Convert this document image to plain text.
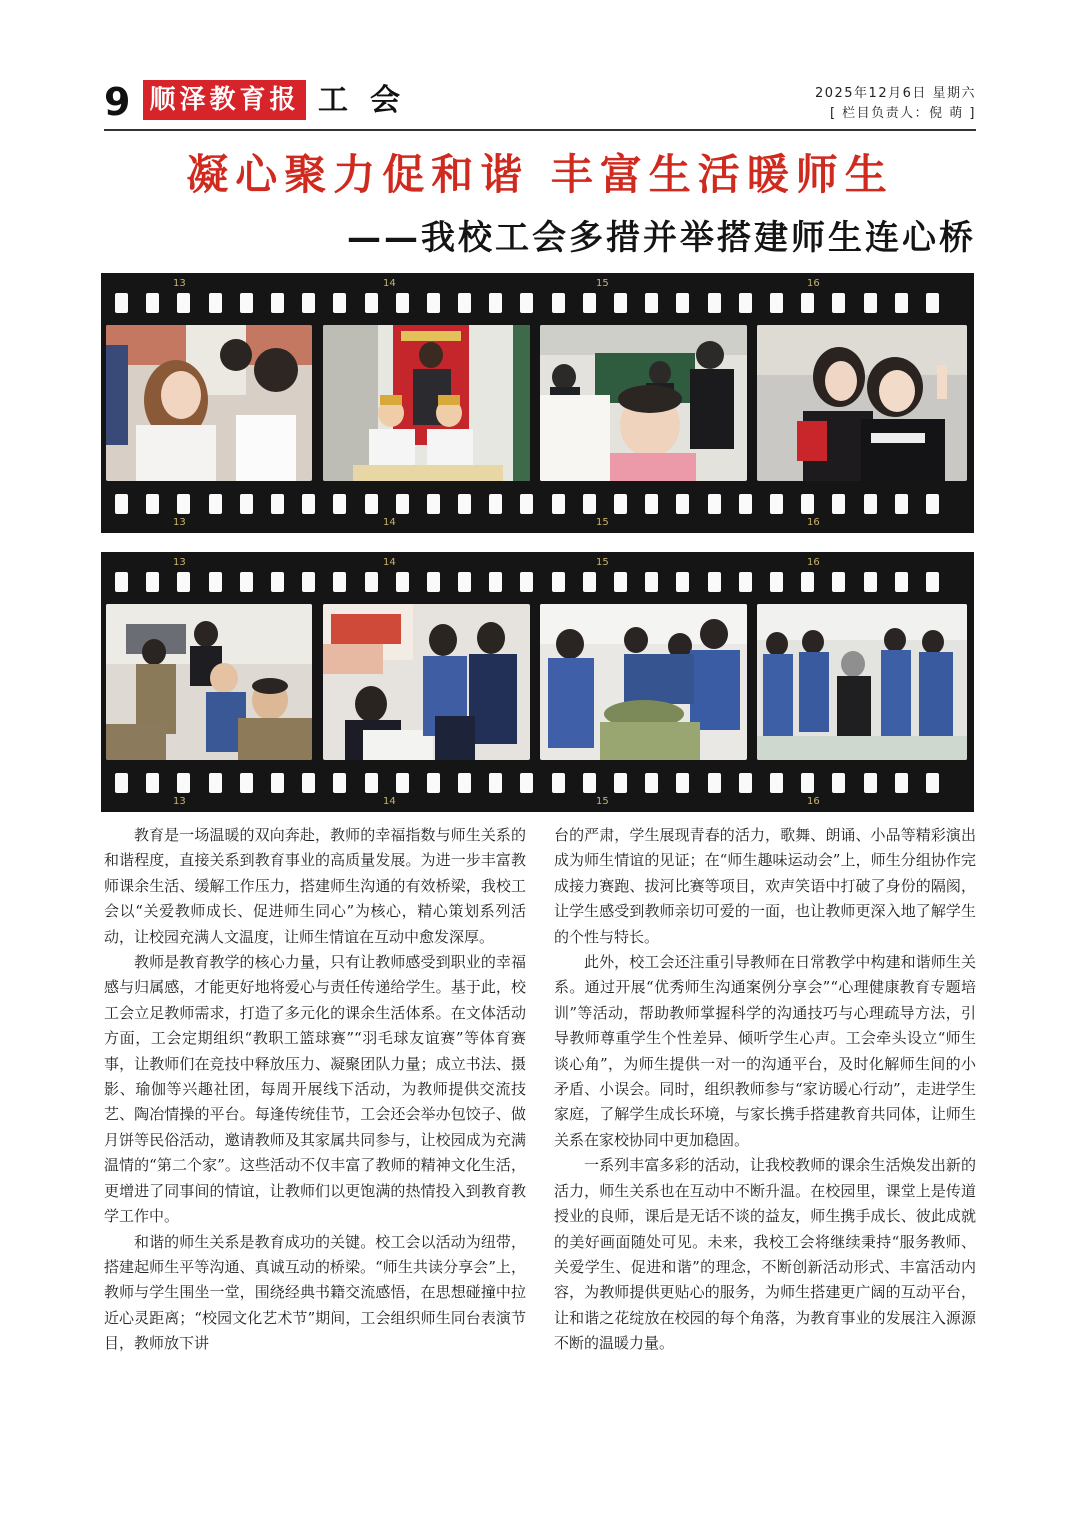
9 顺泽教育报 工会	2025年12月6日 星期六
[ 栏目负责人：倪 萌 ]
凝心聚力促和谐 丰富生活暖师生
——我校工会多措并举搭建师生连心桥
13	14	15	16
13	14	15	16
13	14	15	16
13	14	15	16

教育是一场温暖的双向奔赴，教师的幸福指数与师生关系的和谐程度，直接关系到教育事业的高质量发展。为进一步丰富教师课余生活、缓解工作压力，搭建师生沟通的有效桥梁，我校工会以“关爱教师成长、促进师生同心”为核心，精心策划系列活动，让校园充满人文温度，让师生情谊在互动中愈发深厚。

教师是教育教学的核心力量，只有让教师感受到职业的幸福感与归属感，才能更好地将爱心与责任传递给学生。基于此，校工会立足教师需求，打造了多元化的课余生活体系。在文体活动方面，工会定期组织“教职工篮球赛”“羽毛球友谊赛”等体育赛事，让教师们在竞技中释放压力、凝聚团队力量；成立书法、摄影、瑜伽等兴趣社团，每周开展线下活动，为教师提供交流技艺、陶冶情操的平台。每逢传统佳节，工会还会举办包饺子、做月饼等民俗活动，邀请教师及其家属共同参与，让校园成为充满温情的“第二个家”。这些活动不仅丰富了教师的精神文化生活，更增进了同事间的情谊，让教师们以更饱满的热情投入到教育教学工作中。

和谐的师生关系是教育成功的关键。校工会以活动为纽带，搭建起师生平等沟通、真诚互动的桥梁。“师生共读分享会”上，教师与学生围坐一堂，围绕经典书籍交流感悟，在思想碰撞中拉近心灵距离；“校园文化艺术节”期间，工会组织师生同台表演节目，教师放下讲

台的严肃，学生展现青春的活力，歌舞、朗诵、小品等精彩演出成为师生情谊的见证；在“师生趣味运动会”上，师生分组协作完成接力赛跑、拔河比赛等项目，欢声笑语中打破了身份的隔阂，让学生感受到教师亲切可爱的一面，也让教师更深入地了解学生的个性与特长。

此外，校工会还注重引导教师在日常教学中构建和谐师生关系。通过开展“优秀师生沟通案例分享会”“心理健康教育专题培训”等活动，帮助教师掌握科学的沟通技巧与心理疏导方法，引导教师尊重学生个性差异、倾听学生心声。工会牵头设立“师生谈心角”，为师生提供一对一的沟通平台，及时化解师生间的小矛盾、小误会。同时，组织教师参与“家访暖心行动”，走进学生家庭，了解学生成长环境，与家长携手搭建教育共同体，让师生关系在家校协同中更加稳固。

一系列丰富多彩的活动，让我校教师的课余生活焕发出新的活力，师生关系也在互动中不断升温。在校园里，课堂上是传道授业的良师，课后是无话不谈的益友，师生携手成长、彼此成就的美好画面随处可见。未来，我校工会将继续秉持“服务教师、关爱学生、促进和谐”的理念，不断创新活动形式、丰富活动内容，为教师提供更贴心的服务，为师生搭建更广阔的互动平台，让和谐之花绽放在校园的每个角落，为教育事业的发展注入源源不断的温暖力量。
